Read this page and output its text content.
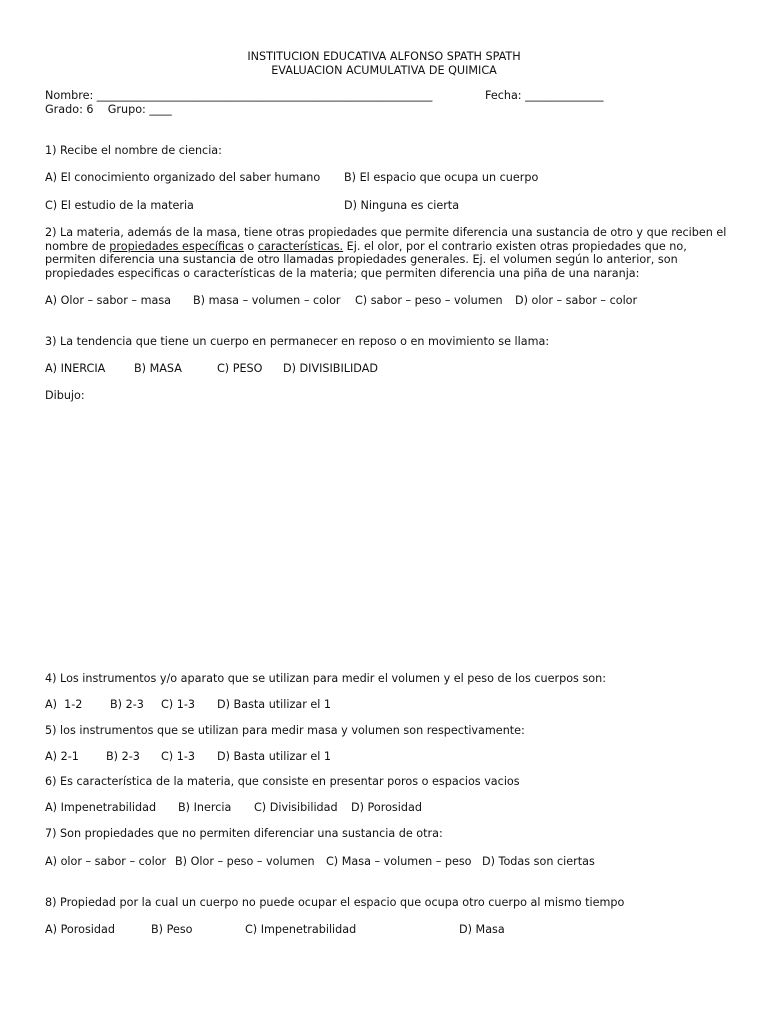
INSTITUCION EDUCATIVA ALFONSO SPATH SPATH
EVALUACION ACUMULATIVA DE QUIMICA
Nombre: ____________________________________________________________	Fecha: ______________
Grado: 6    Grupo: ____
1) Recibe el nombre de ciencia:
A) El conocimiento organizado del saber humano B) El espacio que ocupa un cuerpo
C) El estudio de la materia	D) Ninguna es cierta
2) La materia, además de la masa, tiene otras propiedades que permite diferencia una sustancia de otro y que reciben el
nombre de propiedades específicas o características. Ej. el olor, por el contrario existen otras propiedades que no,
permiten diferencia una sustancia de otro llamadas propiedades generales. Ej. el volumen según lo anterior, son
propiedades especificas o características de la materia; que permiten diferencia una piña de una naranja:
A) Olor – sabor – masa B) masa – volumen – color C) sabor – peso – volumen D) olor – sabor – color
3) La tendencia que tiene un cuerpo en permanecer en reposo o en movimiento se llama:
A) INERCIA	B) MASA	C) PESO D) DIVISIBILIDAD
Dibujo:
4) Los instrumentos y/o aparato que se utilizan para medir el volumen y el peso de los cuerpos son:
A)  1-2 B) 2-3 C) 1-3 D) Basta utilizar el 1
5) los instrumentos que se utilizan para medir masa y volumen son respectivamente:
A) 2-1 B) 2-3 C) 1-3 D) Basta utilizar el 1
6) Es característica de la materia, que consiste en presentar poros o espacios vacios
A) Impenetrabilidad B) Inercia C) Divisibilidad D) Porosidad
7) Son propiedades que no permiten diferenciar una sustancia de otra:
A) olor – sabor – color B) Olor – peso – volumen C) Masa – volumen – peso D) Todas son ciertas
8) Propiedad por la cual un cuerpo no puede ocupar el espacio que ocupa otro cuerpo al mismo tiempo
A) Porosidad	B) Peso	C) Impenetrabilidad	D) Masa
